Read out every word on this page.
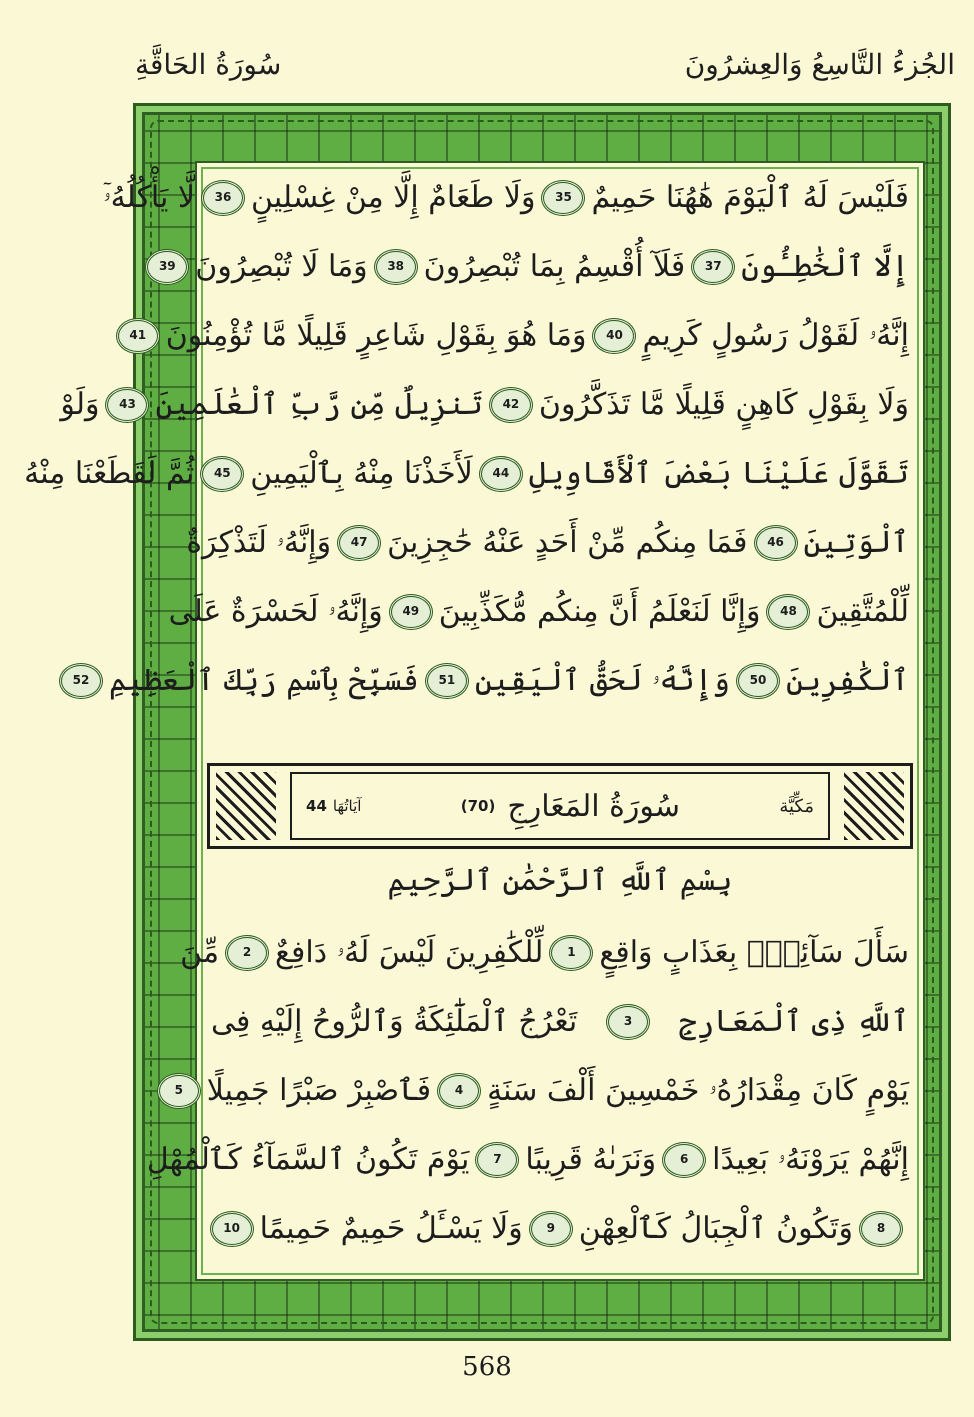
الجُزءُ التَّاسِعُ وَالعِشرُونَ
سُورَةُ الحَاقَّةِ
فَلَيْسَ لَهُ ٱلْيَوْمَ هَٰهُنَا حَمِيمٌ
35
وَلَا طَعَامٌ إِلَّا مِنْ غِسْلِينٍ
36
لَّا يَأْكُلُهُۥٓ
إِلَّا ٱلْخَٰطِـُٔونَ
37
فَلَآ أُقْسِمُ بِمَا تُبْصِرُونَ
38
وَمَا لَا تُبْصِرُونَ
39
إِنَّهُۥ لَقَوْلُ رَسُولٍ كَرِيمٍ
40
وَمَا هُوَ بِقَوْلِ شَاعِرٍ قَلِيلًا مَّا تُؤْمِنُونَ
41
وَلَا بِقَوْلِ كَاهِنٍ قَلِيلًا مَّا تَذَكَّرُونَ
42
تَنزِيلٌ مِّن رَّبِّ ٱلْعَٰلَمِينَ
43
وَلَوْ
تَقَوَّلَ عَلَيْنَا بَعْضَ ٱلْأَقَاوِيلِ
44
لَأَخَذْنَا مِنْهُ بِٱلْيَمِينِ
45
ثُمَّ لَقَطَعْنَا مِنْهُ
ٱلْوَتِينَ
46
فَمَا مِنكُم مِّنْ أَحَدٍ عَنْهُ حَٰجِزِينَ
47
وَإِنَّهُۥ لَتَذْكِرَةٌ
لِّلْمُتَّقِينَ
48
وَإِنَّا لَنَعْلَمُ أَنَّ مِنكُم مُّكَذِّبِينَ
49
وَإِنَّهُۥ لَحَسْرَةٌ عَلَى
ٱلْكَٰفِرِينَ
50
وَإِنَّهُۥ لَحَقُّ ٱلْيَقِينِ
51
فَسَبِّحْ بِٱسْمِ رَبِّكَ ٱلْعَظِيمِ
52
مَكِّيَّة
سُورَةُ المَعَارِجِ
(70)
آيَاتُهَا
44
بِسْمِ ٱللَّهِ ٱلرَّحْمَٰنِ ٱلرَّحِيمِ
سَأَلَ سَآئِلٌۢ بِعَذَابٍ وَاقِعٍ
1
لِّلْكَٰفِرِينَ لَيْسَ لَهُۥ دَافِعٌ
2
مِّنَ
ٱللَّهِ ذِى ٱلْمَعَارِجِ
3
تَعْرُجُ ٱلْمَلَٰٓئِكَةُ وَٱلرُّوحُ إِلَيْهِ فِى
يَوْمٍ كَانَ مِقْدَارُهُۥ خَمْسِينَ أَلْفَ سَنَةٍ
4
فَٱصْبِرْ صَبْرًا جَمِيلًا
5
إِنَّهُمْ يَرَوْنَهُۥ بَعِيدًا
6
وَنَرَىٰهُ قَرِيبًا
7
يَوْمَ تَكُونُ ٱلسَّمَآءُ كَٱلْمُهْلِ
8
وَتَكُونُ ٱلْجِبَالُ كَٱلْعِهْنِ
9
وَلَا يَسْـَٔلُ حَمِيمٌ حَمِيمًا
10
568
